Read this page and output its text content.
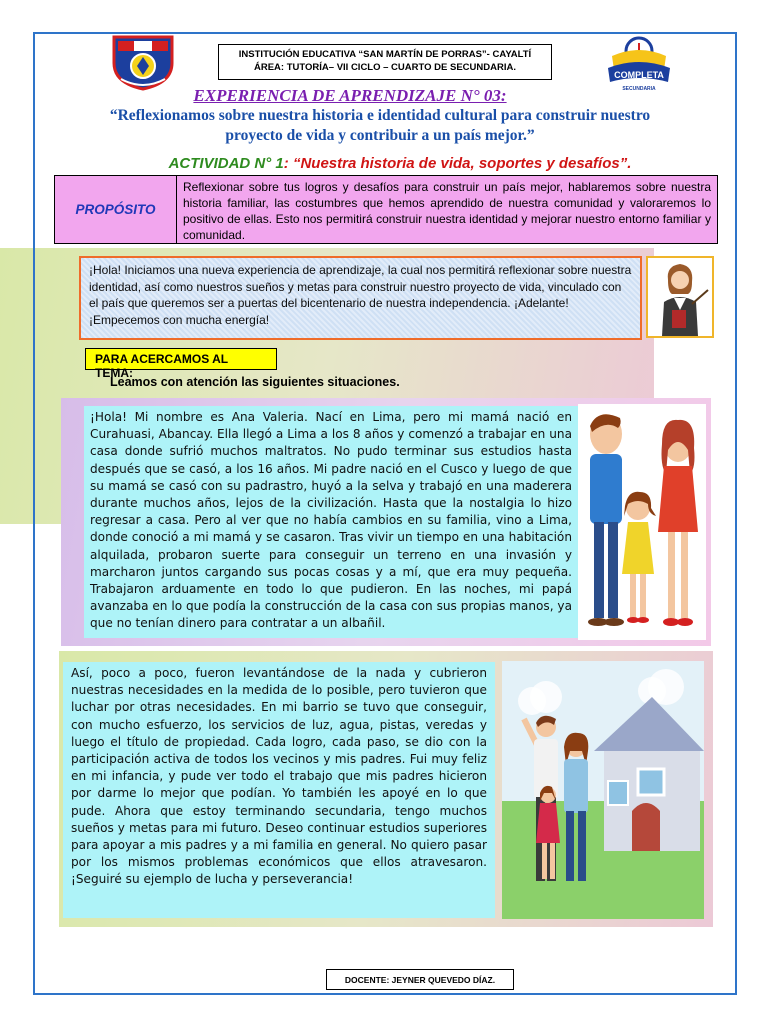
INSTITUCIÓN EDUCATIVA “SAN MARTÍN DE PORRAS”- CAYALTÍ
ÁREA: TUTORÍA– VII CICLO – CUARTO DE SECUNDARIA.
COMPLETA
SECUNDARIA
EXPERIENCIA DE APRENDIZAJE N° 03:
“Reflexionamos sobre nuestra historia e identidad cultural para construir nuestro proyecto de vida y contribuir a un país mejor.”
ACTIVIDAD N° 1: “Nuestra historia de vida, soportes y desafíos”.
PROPÓSITO
Reflexionar sobre tus logros y desafíos para construir un país mejor, hablaremos sobre nuestra historia familiar, las costumbres que hemos aprendido de nuestra comunidad y valoraremos lo positivo de ellas. Esto nos permitirá construir nuestra identidad y mejorar nuestro entorno familiar y comunidad.
¡Hola! Iniciamos una nueva experiencia de aprendizaje, la cual nos permitirá reflexionar sobre nuestra identidad, así como nuestros sueños y metas para construir nuestro proyecto de vida, vinculado con el país que queremos ser a puertas del bicentenario de nuestra independencia. ¡Adelante! ¡Empecemos con mucha energía!
PARA ACERCAMOS AL TEMA:
Leamos con atención las siguientes situaciones.
¡Hola! Mi nombre es Ana Valeria. Nací en Lima, pero mi mamá nació en Curahuasi, Abancay. Ella llegó a Lima a los 8 años y comenzó a trabajar en una casa donde sufrió muchos maltratos. No pudo terminar sus estudios hasta después que se casó, a los 16 años. Mi padre nació en el Cusco y luego de que su mamá se casó con su padrastro, huyó a la selva y trabajó en una maderera durante muchos años, lejos de la civilización. Hasta que la nostalgia lo hizo regresar a casa. Pero al ver que no había cambios en su familia, vino a Lima, donde conoció a mi mamá y se casaron. Tras vivir un tiempo en una habitación alquilada, probaron suerte para conseguir un terreno en una invasión y marcharon juntos cargando sus pocas cosas y a mí, que era muy pequeña. Trabajaron arduamente en todo lo que pudieron. En las noches, mi papá avanzaba en lo que podía la construcción de la casa con sus propias manos, ya que no tenían dinero para contratar a un albañil.
Así, poco a poco, fueron levantándose de la nada y cubrieron nuestras necesidades en la medida de lo posible, pero tuvieron que luchar por otras necesidades. En mi barrio se tuvo que conseguir, con mucho esfuerzo, los servicios de luz, agua, pistas, veredas y luego el título de propiedad. Cada logro, cada paso, se dio con la participación activa de todos los vecinos y mis padres. Fui muy feliz en mi infancia, y pude ver todo el trabajo que mis padres hicieron por darme lo mejor que podían. Yo también les apoyé en lo que pude. Ahora que estoy terminando secundaria, tengo muchos sueños y metas para mi futuro. Deseo continuar estudios superiores para apoyar a mis padres y a mi familia en general. No quiero pasar por los mismos problemas económicos que ellos atravesaron. ¡Seguiré su ejemplo de lucha y perseverancia!
DOCENTE: JEYNER QUEVEDO DÍAZ.
